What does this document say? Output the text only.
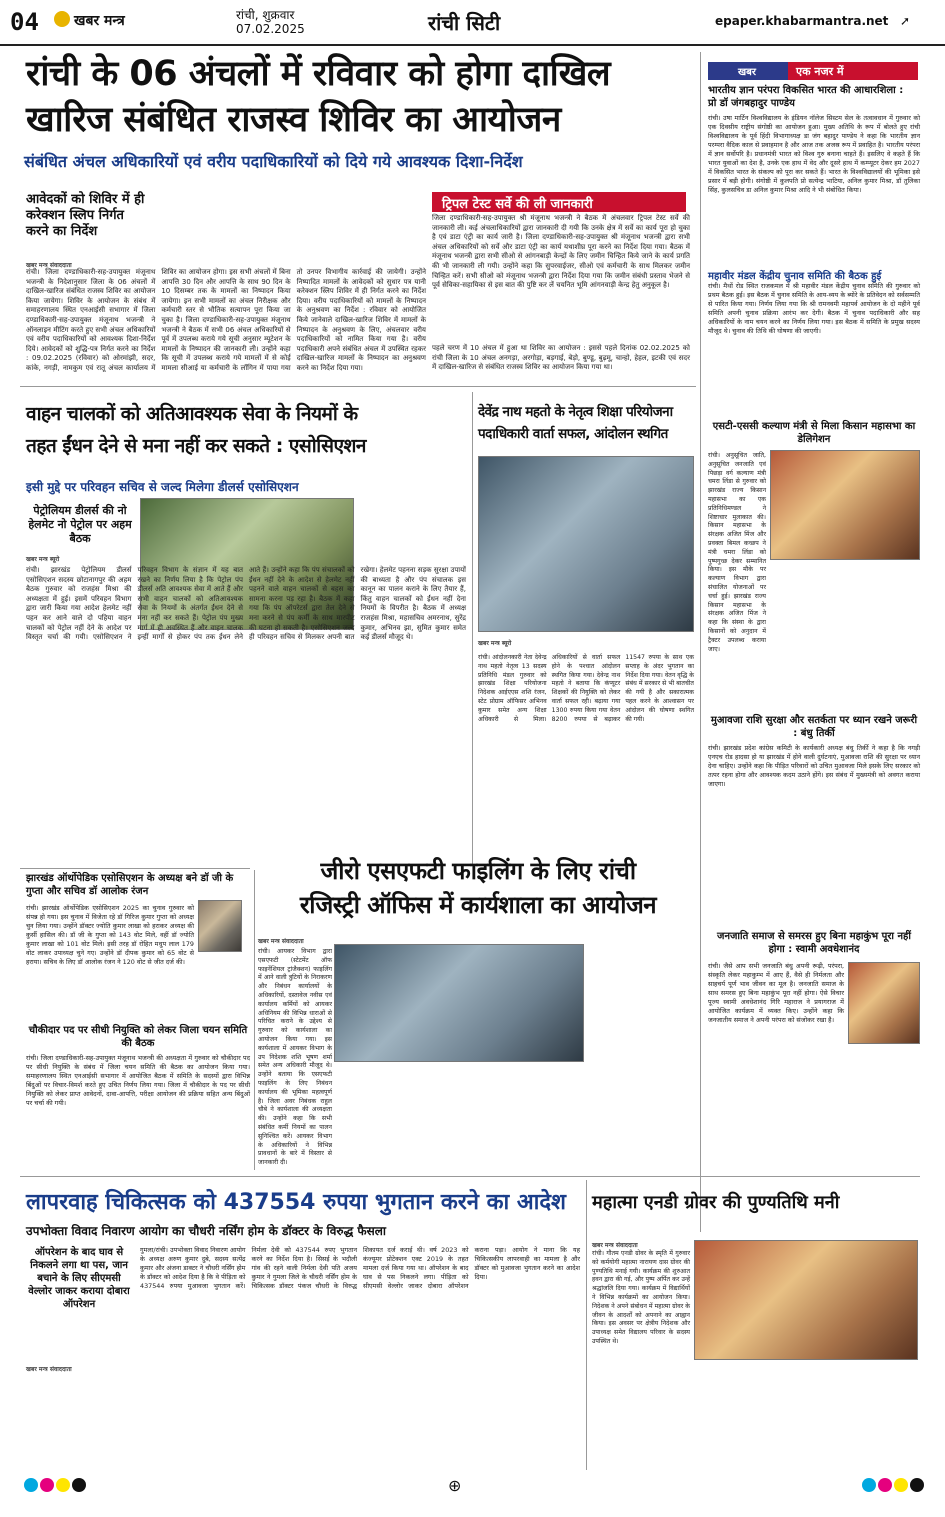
04	खबर मन्त्र	रांची, शुक्रवार
07.02.2025	रांची सिटी	epaper.khabarmantra.net ➚
रांची के 06 अंचलों में रविवार को होगा दाखिल
खारिज संबंधित राजस्व शिविर का आयोजन
संबंधित अंचल अधिकारियों एवं वरीय पदाधिकारियों को दिये गये आवश्यक दिशा-निर्देश
आवेदकों को शिविर में ही करेक्शन स्लिप निर्गत करने का निर्देश
खबर मन्त्र संवाददाता
रांची। जिला दण्डाधिकारी-सह-उपायुक्त मंजूनाथ भजन्त्री के निदेशानुसार जिला के 06 अंचलों में दाखिल-खारिज संबंधित राजस्व शिविर का आयोजन किया जायेगा। शिविर के आयोजन के संबंध में समाहरणालय स्थित एनआईसी सभागार में जिला दण्डाधिकारी-सह-उपायुक्त मंजूनाथ भजन्त्री ने ऑनलाइन मीटिंग करते हुए सभी अंचल अधिकारियों एवं वरीय पदाधिकारियों को आवश्यक दिशा-निर्देश दिये। आवेदकों को शुद्धि-पत्र निर्गत करने का निर्देश : 09.02.2025 (रविवार) को ओरमांझी, सदर, कांके, नगड़ी, नामकुम एवं रातू अंचल कार्यालय में शिविर का आयोजन होगा। इस सभी अंचलों में बिना आपत्ति 30 दिन और आपत्ति के साथ 90 दिन के 10 दिसम्बर तक के मामलों का निष्पादन किया जायेगा। इन सभी मामलों का अंचल निरीक्षक और कर्मचारी स्तर से भौतिक सत्यापन पूरा किया जा चुका है। जिला दण्डाधिकारी-सह-उपायुक्त मंजूनाथ भजन्त्री ने बैठक में सभी 06 अंचल अधिकारियों से पूर्व में उपलब्ध कराये गये सूची अनुसार म्यूटेशन के मामलों के निष्पादन की जानकारी ली। उन्होंने कहा कि सूची में उपलब्ध कराये गये मामलों में से कोई मामला सीआई या कर्मचारी के लॉगिन में पाया गया तो उनपर विभागीय कार्रवाई की जायेगी। उन्होंने निष्पादित मामलों के आवेदकों को सुधार पत्र यानी करेक्शन स्लिप शिविर में ही निर्गत करने का निर्देश दिया। वरीय पदाधिकारियों को मामलों के निष्पादन के अनुश्रवण का निर्देश : रविवार को आयोजित किये जानेवाले दाखिल-खारिज शिविर में मामलों के निष्पादन के अनुश्रवण के लिए, अंचलवार वरीय पदाधिकारियों को नामित किया गया है। वरीय पदाधिकारी अपने संबंधित अंचल में उपस्थित रहकर दाखिल-खारिज मामलों के निष्पादन का अनुश्रवण करने का निर्देश दिया गया।
ट्रिपल टेस्ट सर्वे की ली जानकारी
जिला दण्डाधिकारी-सह-उपायुक्त श्री मंजूनाथ भजन्त्री ने बैठक में अंचलवार ट्रिपल टेस्ट सर्वे की जानकारी ली। कई अंचलाधिकारियों द्वारा जानकारी दी गयी कि उनके क्षेत्र में सर्वे का कार्य पूरा हो चुका है एवं डाटा एंट्री का कार्य जारी है। जिला दण्डाधिकारी-सह-उपायुक्त श्री मंजूनाथ भजन्त्री द्वारा सभी अंचल अधिकारियों को सर्वे और डाटा एंट्री का कार्य यथाशीघ्र पूरा करने का निर्देश दिया गया। बैठक में मंजूनाथ भजन्त्री द्वारा सभी सीओ से आंगनबाड़ी केन्द्रों के लिए जमीन चिन्हित किये जाने के कार्य प्रगति की भी जानकारी ली गयी। उन्होंने कहा कि सुपरवाईजर, सीओ एवं कर्मचारी के साथ मिलकर जमीन चिन्हित करें। सभी सीओ को मंजूनाथ भजन्त्री द्वारा निर्देश दिया गया कि जमीन संबंधी प्रस्ताव भेजने से पूर्व सेविका-सहायिका से इस बात की पुष्टि कर लें चयनित भूमि आंगनवाड़ी केन्द्र हेतु अनुकूल है।
पहले चरण में 10 अंचल में हुआ था शिविर का आयोजन : इससे पहले दिनांक 02.02.2025 को रांची जिला के 10 अंचल अनगड़ा, अरगोड़ा, बड़गाई, बेड़ो, बुण्डू, बुढ़मू, चान्हो, हेहल, इटकी एवं सदर में दाखिल-खारिज से संबंधित राजस्व शिविर का आयोजन किया गया था।
खबर	एक नजर में
भारतीय ज्ञान परंपरा विकसित भारत की आधारशिला : प्रो डॉ जंगबहादुर पाण्डेय
रांची। उषा मार्टिन विश्वविद्यालय के इंडियन नॉलेज सिस्टम सेल के तत्वावधान में गुरुवार को एक दिवसीय राष्ट्रीय संगोष्ठी का आयोजन हुआ। मुख्य अतिथि के रूप में बोलते हुए रांची विश्वविद्यालय के पूर्व हिंदी विभागाध्यक्ष डा जंग बहादुर पाण्डेय ने कहा कि भारतीय ज्ञान परम्परा वैदिक काल से प्रवाहमान है और आज तक अजस्र रूप में प्रवाहित है। भारतीय परंपरा में ज्ञान सर्वोपरि है। प्रधानमंत्री भारत को विश्व गुरु बनाना चाहते हैं। इसलिए वे कहते हैं कि भारत युवाओं का देश है, उनके एक हाथ में वेद और दूसरे हाथ में कम्प्यूटर देकर हम 2027 में विकसित भारत के संकल्प को पूरा कर सकते हैं। भारत के विश्वविद्यालयों की भूमिका इसे प्रसार में बड़ी होगी। संगोष्ठी में कुलपति प्रो सत्येन्द्र भाटिया, अनिल कुमार मिश्रा, डॉ तुलिका सिंह, कुलसचिव डा अनिल कुमार मिश्रा आदि ने भी संबोधित किया।
महावीर मंडल केंद्रीय चुनाव समिति की बैठक हुई
रांची। मैथों रोड स्थित राजकमल में श्री महावीर मंडल केंद्रीय चुनाव समिति की गुरुवार को प्रथम बैठक हुई। इस बैठक में चुनाव समिति के आय-व्यय के ब्योरे के प्रतिवेदन को सर्वसम्मति से पारित किया गया। निर्णय लिया गया कि श्री रामनवमी महापर्व आयोजन के दो महीने पूर्व समिति अपनी चुनाव प्रक्रिया आरंभ कर देगी। बैठक में चुनाव पदाधिकारी और सह अधिकारियों के नाम चयन करने का निर्णय लिया गया। इस बैठक में समिति के प्रमुख सदस्य मौजूद थे। चुनाव की तिथि की घोषणा की जाएगी।
एसटी-एससी कल्याण मंत्री से मिला किसान महासभा का डेलिगेशन
रांची। अनुसूचित जाति, अनुसूचित जनजाति एवं पिछड़ा वर्ग कल्याण मंत्री चमरा लिंडा से गुरुवार को झारखंड राज्य किसान महासभा का एक प्रतिनिधिमण्डल ने शिष्टाचार मुलाकात की। किसान महासभा के संरक्षक अजित मिंज और प्रवक्ता बिमल कच्छप ने मंत्री चमरा लिंडा को पुष्पगुच्छ देकर सम्मानित किया। इस मौके पर कल्याण विभाग द्वारा संचालित योजनाओं पर चर्चा हुई। झारखंड राज्य किसान महासभा के संरक्षक अजित मिंज ने कहा कि संस्था के द्वारा किसानों को अनुदान में ट्रैक्टर उपलब्ध कराया जाए।
मुआवजा राशि सुरक्षा और सतर्कता पर ध्यान रखने जरूरी : बंधु तिर्की
रांची। झारखंड प्रदेश कांग्रेस कमिटी के कार्यकारी अध्यक्ष बंधु तिर्की ने कहा है कि नगड़ी एनएच रोड हादसा हो या झारखंड में होने वाली दुर्घटनाएं, मुआवजा राशि की सुरक्षा पर ध्यान देना चाहिए। उन्होंने कहा कि पीड़ित परिवारों को उचित मुआवजा मिले इसके लिए सरकार को तत्पर रहना होगा और आवश्यक कदम उठाने होंगे। इस संबंध में मुख्यमंत्री को अवगत कराया जाएगा।
जनजाति समाज से समरस हुए बिना महाकुंभ पूरा नहीं होगा : स्वामी अवधेशानंद
रांची। जैसे आप सभी जनजाति बंधु अपनी रूढ़ी, परंपरा, संस्कृति लेकर महाकुम्भ में आए हैं, वैसे ही निर्मलता और साहचर्य पूर्ण भाव जीवन का मूल है। जनजाति समाज के साथ समरस हुए बिना महाकुंभ पूरा नहीं होगा। ऐसे विचार पूज्य स्वामी अवधेशानंद गिरि महाराज ने प्रयागराज में आयोजित कार्यक्रम में व्यक्त किए। उन्होंने कहा कि जनजातीय समाज ने अपनी परंपरा को संजोकर रखा है।
वाहन चालकों को अतिआवश्यक सेवा के नियमों के
तहत ईंधन देने से मना नहीं कर सकते : एसोसिएशन
इसी मुद्दे पर परिवहन सचिव से जल्द मिलेगा डीलर्स एसोसिएशन
पेट्रोलियम डीलर्स की नो हेलमेट नो पेट्रोल पर अहम बैठक
खबर मन्त्र ब्यूरो
रांची। झारखंड पेट्रोलियम डीलर्स एसोसिएशन सदस्य छोटानागपुर की अहम बैठक गुरुवार को राजहंस मिश्रा की अध्यक्षता में हुई। इसमें परिवहन विभाग द्वारा जारी किया गया आदेश हेलमेट नहीं पहन कर आने वाले दो पहिया वाहन चालकों को पेट्रोल नहीं देने के आदेश पर विस्तृत चर्चा की गयी। एसोसिएशन ने परिवहन विभाग के संज्ञान में यह बात रखने का निर्णय लिया है कि पेट्रोल पंप डीलर्स अति आवश्यक सेवा में आते हैं और सभी वाहन चालकों को अतिआवश्यक सेवा के नियमों के अंतर्गत ईंधन देने से मना नहीं कर सकते हैं। पेट्रोल पंप मुख्य मार्ग में ही अवस्थित हैं और वाहन चालक इन्हीं मार्गों से होकर पंप तक ईंधन लेने आते हैं। उन्होंने कहा कि पंप संचालकों को ईंधन नहीं देने के आदेश से हेलमेट नहीं पहनने वाले वाहन चालकों से बहस का सामना करना पड़ रहा है। बैठक में कहा गया कि पंप ऑपरेटर्स द्वारा तेल देने से मना करने से पंप कर्मी के साथ मारपीट की घटना हो सकती है। एसोसिएशन जल्द ही परिवहन सचिव से मिलकर अपनी बात रखेगा। हेलमेट पहनना सड़क सुरक्षा उपायों की बाध्यता है और पंप संचालक इस कानून का पालन कराने के लिए तैयार हैं, किंतु वाहन चालकों को ईंधन नहीं देना नियमों के विपरीत है। बैठक में अध्यक्ष राजहंस मिश्रा, महासचिव अमरनाथ, सुरेंद्र कुमार, अभिनव झा, सुमित कुमार समेत कई डीलर्स मौजूद थे।
देवेंद्र नाथ महतो के नेतृत्व शिक्षा परियोजना
पदाधिकारी वार्ता सफल, आंदोलन स्थगित
खबर मन्त्र ब्यूरो
रांची। आंदोलनकारी नेता देवेन्द्र नाथ महतो नेतृत्व 13 सदस्य प्रतिनिधि मंडल गुरुवार को झारखंड शिक्षा परियोजना निदेशक आईएएस शशि रंजन, स्टेट प्रोग्राम ऑफिसर अभिनव कुमार समेत अन्य शिक्षा अधिकारी से मिला। अधिकारियों से वार्ता सफल होने के पश्चात आंदोलन स्थगित किया गया। देवेन्द्र नाथ महतो ने बताया कि कंप्यूटर शिक्षकों की नियुक्ति को लेकर वार्ता सफल रही। बढ़ाया गया 1300 रुपया किया गया वेतन 8200 रुपया से बढ़ाकर 11547 रुपया के साथ एक सप्ताह के अंदर भुगतान का निर्देश दिया गया। वेतन वृद्धि के संबंध में सरकार से भी बातचीत की गयी है और सकारात्मक पहल करने के आश्वासन पर आंदोलन की घोषणा स्थगित की गयी।
झारखंड ऑर्थोपेडिक एसोसिएशन के अध्यक्ष बने डॉ जी के गुप्ता और सचिव डॉ आलोक रंजन
रांची। झारखंड ऑर्थोपेडिक एसोसिएशन 2025 का चुनाव गुरुवार को संपन्न हो गया। इस चुनाव में विजेता रहे डॉ गिरिज कुमार गुप्ता को अध्यक्ष चुन लिया गया। उन्होंने डॉक्टर ज्योति कुमार लाखा को हराकर अध्यक्ष की कुर्सी हासिल की। डॉ जी के गुप्ता को 143 वोट मिले, वहीं डॉ ज्योति कुमार लाखा को 101 वोट मिले। इसी तरह डॉ रोहित मधुप लाल 179 वोट लाकर उपाध्यक्ष चुने गए। उन्होंने डॉ दीपक कुमार को 65 वोट से हराया। सचिव के लिए डॉ आलोक रंजन ने 120 वोट से जीत दर्ज की।
चौकीदार पद पर सीधी नियुक्ति को लेकर जिला चयन समिति की बैठक
रांची। जिला दण्डाधिकारी-सह-उपायुक्त मंजूनाथ भजन्त्री की अध्यक्षता में गुरुवार को चौकीदार पद पर सीधी नियुक्ति के संबंध में जिला चयन समिति की बैठक का आयोजन किया गया। समाहरणालय स्थित एनआईसी सभागार में आयोजित बैठक में समिति के सदस्यों द्वारा विभिन्न बिंदुओं पर विचार-विमर्श करते हुए उचित निर्णय लिया गया। जिला में चौकीदार के पद पर सीधी नियुक्ति को लेकर प्राप्त आवेदनों, दावा-आपत्ति, परीक्षा आयोजन की प्रक्रिया सहित अन्य बिंदुओं पर चर्चा की गयी।
जीरो एसएफटी फाइलिंग के लिए रांची
रजिस्ट्री ऑफिस में कार्यशाला का आयोजन
खबर मन्त्र संवाददाता
रांची। आयकर विभाग द्वारा एसएफटी (स्टेटमेंट ऑफ फाइनेंशियल ट्रांजैक्शन) फाइलिंग में आने वाली त्रुटियों के निराकरण और निबंधन कार्यालयों के अधिकारियों, दस्तावेज नवीस एवं कार्यालय कर्मियों को आयकर अधिनियम की विभिन्न धाराओं से परिचित कराने के उद्देश्य से गुरुवार को कार्यशाला का आयोजन किया गया। इस कार्यशाला में आयकर विभाग के उप निदेशक शशि भूषण शर्मा समेत अन्य अधिकारी मौजूद थे। उन्होंने बताया कि एसएफटी फाइलिंग के लिए निबंधन कार्यालय की भूमिका महत्वपूर्ण है। जिला अवर निबंधक राहुल चौबे ने कार्यशाला की अध्यक्षता की। उन्होंने कहा कि सभी संबंधित कर्मी नियमों का पालन सुनिश्चित करें। आयकर विभाग के अधिकारियों ने विभिन्न प्रावधानों के बारे में विस्तार से जानकारी दी।
लापरवाह चिकित्सक को 437554 रुपया भुगतान करने का आदेश
उपभोक्ता विवाद निवारण आयोग का चौधरी नर्सिंग होम के डॉक्टर के विरुद्ध फैसला
ऑपरेशन के बाद घाव से निकलने लगा था पस, जान बचाने के लिए सीएमसी वेल्लोर जाकर कराया दोबारा ऑपरेशन
खबर मन्त्र संवाददाता
गुमला/रांची। उपभोक्ता विवाद निवारण आयोग के अध्यक्ष अरुण कुमार दुबे, सदस्य सत्येंद्र कुमार और अंजना डाक्टर ने चौधरी नर्सिंग होम के डॉक्टर को आदेश दिया है कि वे पीड़िता को 437544 रुपया मुआवजा भुगतान करें। निर्मला देवी को 437544 रुपए भुगतान करने का निर्देश दिया है। सिसई के भदौली गांव की रहने वाली निर्मला देवी पति अजय कुमार ने गुमला जिले के चौधरी नर्सिंग होम के चिकित्सक डॉक्टर पंकज चौधरी के विरुद्ध शिकायत दर्ज कराई थी। वर्ष 2023 को कंज्यूमर प्रोटेक्शन एक्ट 2019 के तहत मामला दर्ज किया गया था। ऑपरेशन के बाद घाव से पस निकलने लगा। पीड़िता को सीएमसी वेल्लोर जाकर दोबारा ऑपरेशन कराना पड़ा। आयोग ने माना कि यह चिकित्सकीय लापरवाही का मामला है और डॉक्टर को मुआवजा भुगतान करने का आदेश दिया।
महात्मा एनडी ग्रोवर की पुण्यतिथि मनी
खबर मन्त्र संवाददाता
रांची। गौतम एनडी ग्रोवर के स्मृति में गुरुवार को कर्मयोगी महात्मा नारायण दास ग्रोवर की पुण्यतिथि मनाई गयी। कार्यक्रम की शुरुआत हवन द्वारा की गई, और पुष्प अर्पित कर उन्हें श्रद्धांजलि दिया गया। कार्यक्रम में विद्यार्थियों ने विभिन्न कार्यक्रमों का आयोजन किया। निदेशक ने अपने संबोधन में महात्मा ग्रोवर के जीवन के आदर्शों को अपनाने का आह्वान किया। इस अवसर पर क्षेत्रीय निदेशक और उपाध्यक्ष समेत विद्यालय परिवार के सदस्य उपस्थित थे।
⊕
